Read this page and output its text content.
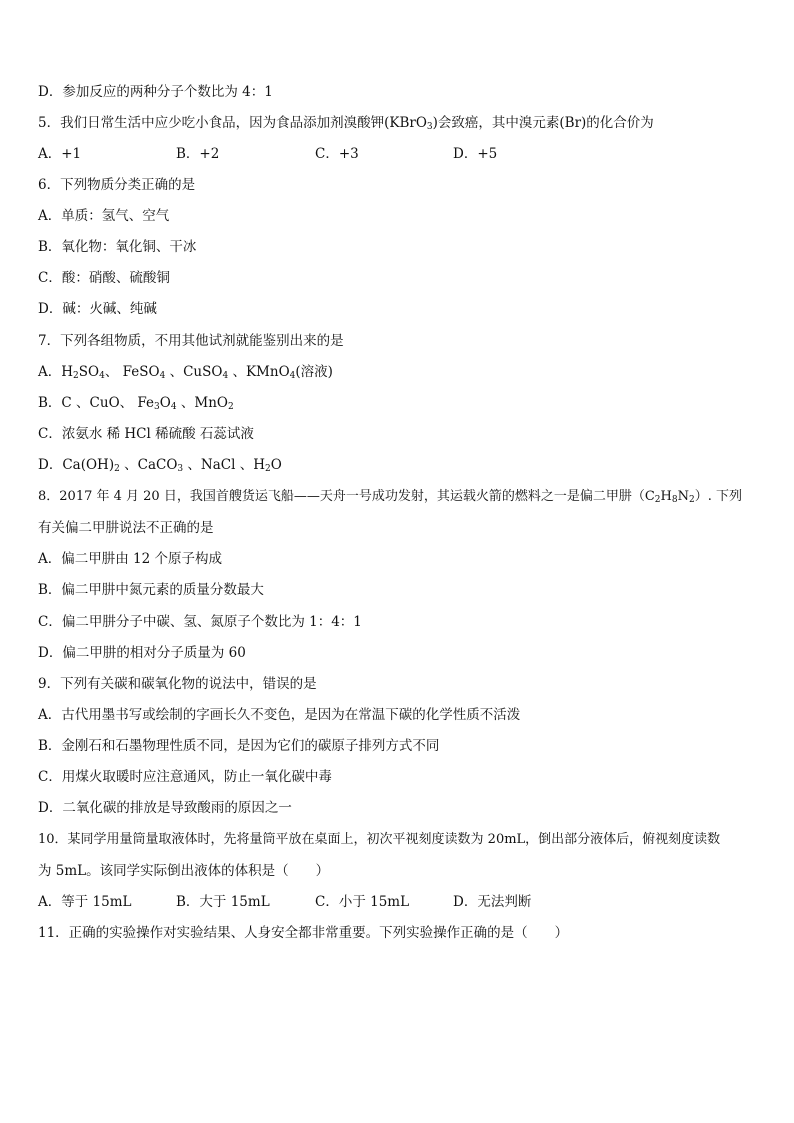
D．参加反应的两种分子个数比为 4：1
5．我们日常生活中应少吃小食品，因为食品添加剂溴酸钾(KBrO$_3$)会致癌，其中溴元素(Br)的化合价为
A．+1	B．+2	C．+3	D．+5
6．下列物质分类正确的是
A．单质：氢气、空气
B．氧化物：氧化铜、干冰
C．酸：硝酸、硫酸铜
D．碱：火碱、纯碱
7．下列各组物质，不用其他试剂就能鉴别出来的是
A．$H_2SO_4$、 FeSO$_4$ 、CuSO$_4$ 、KMnO$_4$(溶液)
B．C 、CuO、 $Fe_3O_4$ 、MnO$_2$
C．浓氨水 稀 HCl 稀硫酸 石蕊试液
D．$Ca(OH)_2$ 、CaCO$_3$ 、NaCl 、$H_2O$
8．2017 年 4 月 20 日，我国首艘货运飞船——天舟一号成功发射，其运载火箭的燃料之一是偏二甲肼$(C_2H_8N_2)$. 下列
有关偏二甲肼说法不正确的是
A．偏二甲肼由 12 个原子构成
B．偏二甲肼中氮元素的质量分数最大
C．偏二甲肼分子中碳、氢、氮原子个数比为 1：4：1
D．偏二甲肼的相对分子质量为 60
9．下列有关碳和碳氧化物的说法中，错误的是
A．古代用墨书写或绘制的字画长久不变色，是因为在常温下碳的化学性质不活泼
B．金刚石和石墨物理性质不同，是因为它们的碳原子排列方式不同
C．用煤火取暖时应注意通风，防止一氧化碳中毒
D．二氧化碳的排放是导致酸雨的原因之一
10．某同学用量筒量取液体时，先将量筒平放在桌面上，初次平视刻度读数为 20mL，倒出部分液体后，俯视刻度读数
为 5mL。该同学实际倒出液体的体积是（　　）
A．等于 15mL	B．大于 15mL	C．小于 15mL	D．无法判断
11．正确的实验操作对实验结果、人身安全都非常重要。下列实验操作正确的是（　　）
